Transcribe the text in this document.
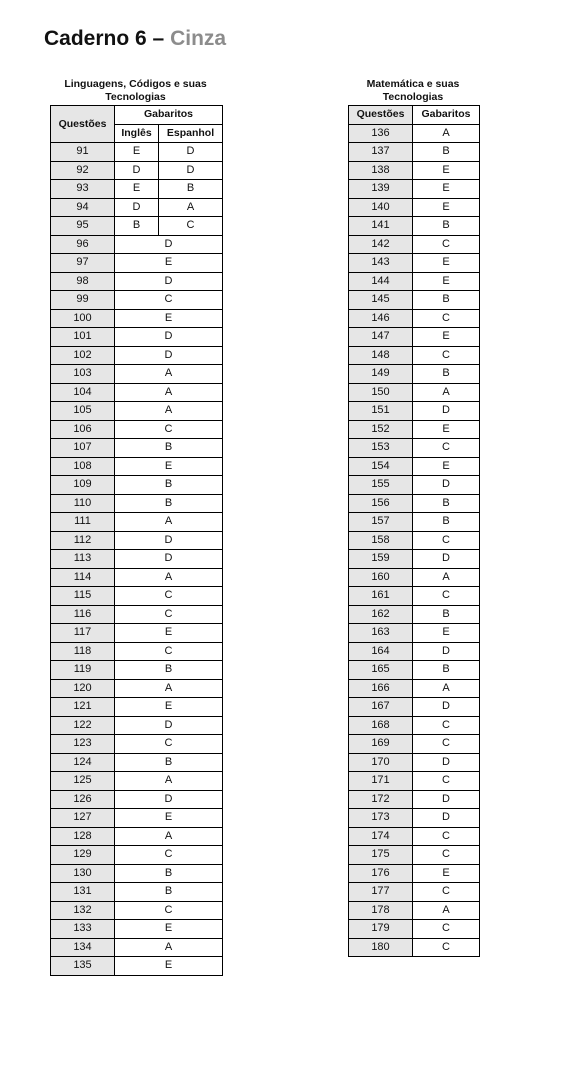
Caderno 6 – Cinza
Linguagens, Códigos e suas Tecnologias
Matemática e suas Tecnologias
Questões	Gabaritos	
	Inglês	Espanhol
91	E	D
92	D	D
93	E	B
94	D	A
95	B	C
96	D	
97	E	
98	D	
99	C	
100	E	
101	D	
102	D	
103	A	
104	A	
105	A	
106	C	
107	B	
108	E	
109	B	
110	B	
111	A	
112	D	
113	D	
114	A	
115	C	
116	C	
117	E	
118	C	
119	B	
120	A	
121	E	
122	D	
123	C	
124	B	
125	A	
126	D	
127	E	
128	A	
129	C	
130	B	
131	B	
132	C	
133	E	
134	A	
135	E	
Questões	Gabaritos
136	A
137	B
138	E
139	E
140	E
141	B
142	C
143	E
144	E
145	B
146	C
147	E
148	C
149	B
150	A
151	D
152	E
153	C
154	E
155	D
156	B
157	B
158	C
159	D
160	A
161	C
162	B
163	E
164	D
165	B
166	A
167	D
168	C
169	C
170	D
171	C
172	D
173	D
174	C
175	C
176	E
177	C
178	A
179	C
180	C
